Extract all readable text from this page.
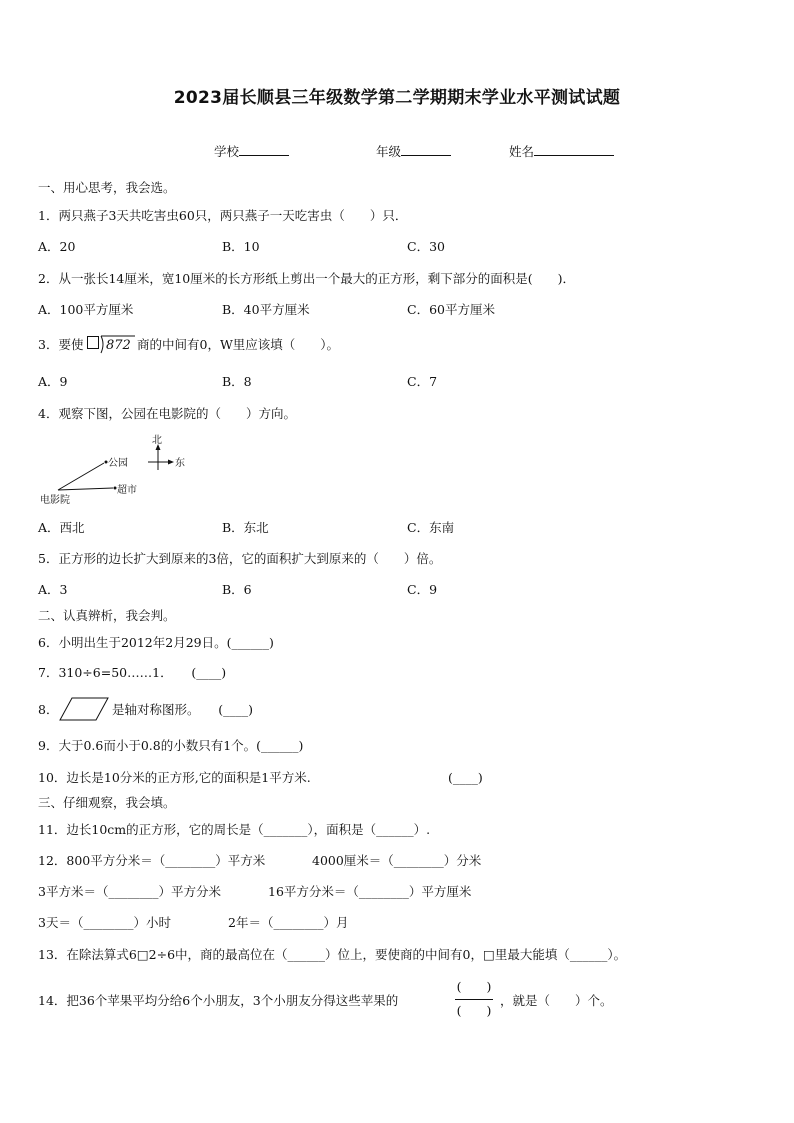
2023届长顺县三年级数学第二学期期末学业水平测试试题
学校	年级	姓名
一、用心思考，我会选。
1．两只燕子3天共吃害虫60只，两只燕子一天吃害虫（　　）只．
A．20	B．10	C．30
2．从一张长14厘米，宽10厘米的长方形纸上剪出一个最大的正方形，剩下部分的面积是(　　)．
A．100平方厘米	B．40平方厘米	C．60平方厘米
3．要使 872 商的中间有0，W里应该填（　　）。
A．9	B．8	C．7
4．观察下图，公园在电影院的（　　）方向。
北
东
公园
超市
电影院
A．西北	B．东北	C．东南
5．正方形的边长扩大到原来的3倍，它的面积扩大到原来的（　　）倍。
A．3	B．6	C．9
二、认真辨析，我会判。
6．小明出生于2012年2月29日。(______)
7．310÷6=50……1．　　(____)
8．	是轴对称图形。　　(____)
9．大于0.6而小于0.8的小数只有1个。(______)
10．边长是10分米的正方形,它的面积是1平方米.	(____)
三、仔细观察，我会填。
11．边长10cm的正方形，它的周长是（_______），面积是（______）.
12．800平方分米＝（________）平方米	4000厘米＝（________）分米
3平方米＝（________）平方分米	16平方分米＝（________）平方厘米
3天＝（________）小时	2年＝（________）月
13．在除法算式6□2÷6中，商的最高位在（______）位上，要使商的中间有0，□里最大能填（______）。
14．把36个苹果平均分给6个小朋友，3个小朋友分得这些苹果的
(　　)
(　　)
，就是（　　）个。
